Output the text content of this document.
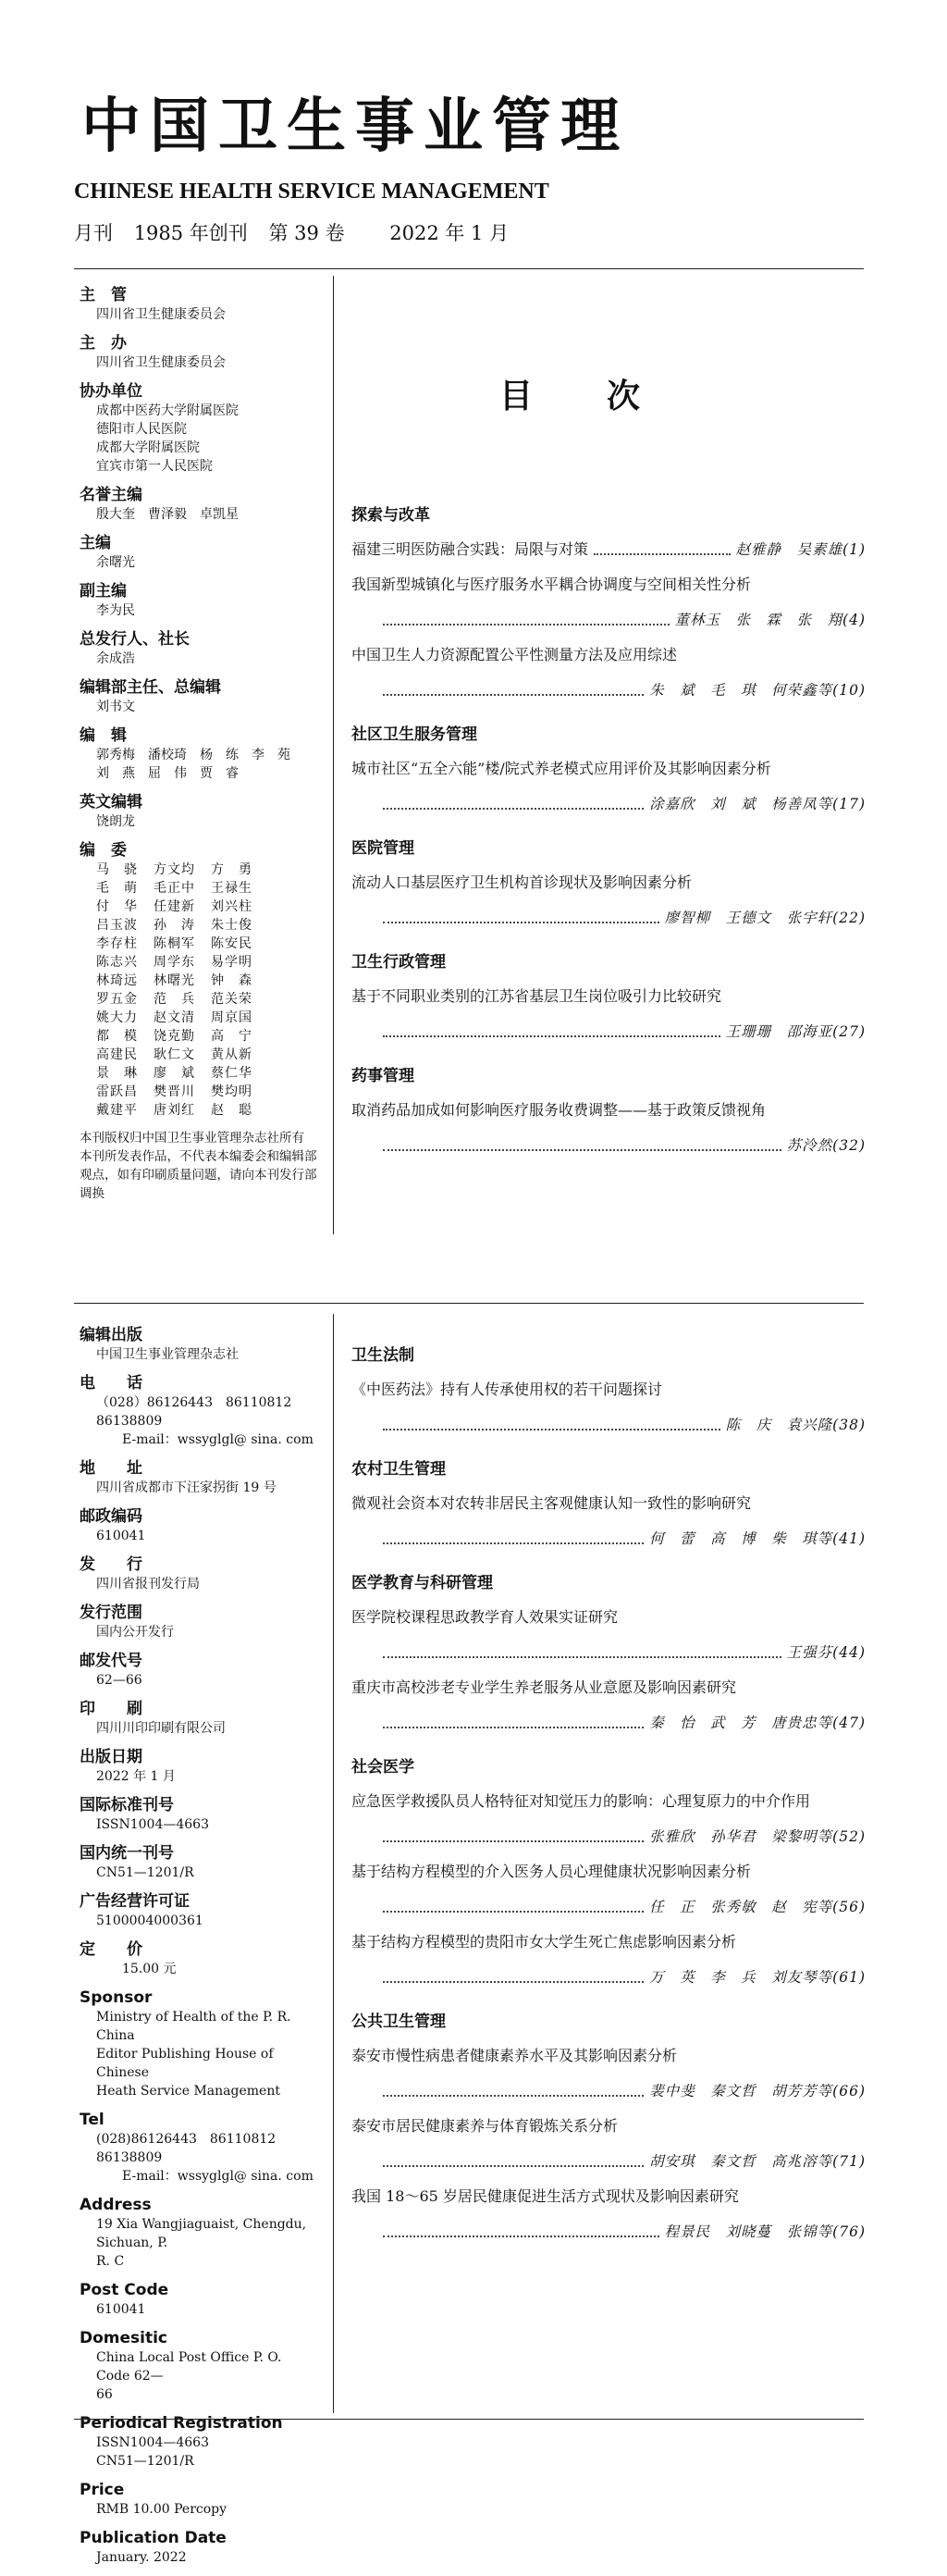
中国卫生事业管理
CHINESE HEALTH SERVICE MANAGEMENT
月刊 1985 年创刊 第 39 卷 2022 年 1 月
主　管
四川省卫生健康委员会
主　办
四川省卫生健康委员会
协办单位
成都中医药大学附属医院
德阳市人民医院
成都大学附属医院
宜宾市第一人民医院
名誉主编
殷大奎　曹泽毅　卓凯星
主编
余曙光
副主编
李为民
总发行人、社长
余成浩
编辑部主任、总编辑
刘书文
编　辑
郭秀梅　潘校琦　杨　练　李　苑
刘　燕　屈　伟　贾　睿
英文编辑
饶朗龙
编　委
马　骁	方文均	方　勇
毛　萌	毛正中	王禄生
付　华	任建新	刘兴柱
吕玉波	孙　涛	朱士俊
李存柱	陈桐军	陈安民
陈志兴	周学东	易学明
林琦远	林曙光	钟　森
罗五金	范　兵	范关荣
姚大力	赵文清	周京国
都　模	饶克勤	高　宁
高建民	耿仁文	黄从新
景　琳	廖　斌	蔡仁华
雷跃昌	樊晋川	樊均明
戴建平	唐刘红	赵　聪
本刊版权归中国卫生事业管理杂志社所有　本刊所发表作品，不代表本编委会和编辑部观点，如有印刷质量问题，请向本刊发行部调换
目次
探索与改革
福建三明医防融合实践：局限与对策	赵雅静　吴素雄(1)
我国新型城镇化与医疗服务水平耦合协调度与空间相关性分析
董林玉　张　霖　张　翔(4)
中国卫生人力资源配置公平性测量方法及应用综述
朱　斌　毛　琪　何荣鑫等(10)
社区卫生服务管理
城市社区“五全六能”楼/院式养老模式应用评价及其影响因素分析
涂嘉欣　刘　斌　杨善凤等(17)
医院管理
流动人口基层医疗卫生机构首诊现状及影响因素分析
廖智柳　王德文　张宇轩(22)
卫生行政管理
基于不同职业类别的江苏省基层卫生岗位吸引力比较研究
王珊珊　邵海亚(27)
药事管理
取消药品加成如何影响医疗服务收费调整——基于政策反馈视角
苏泠然(32)
编辑出版
中国卫生事业管理杂志社
电　　话
（028）86126443　86110812　86138809
　　E-mail：wssyglgl@ sina. com
地　　址
四川省成都市下汪家拐街 19 号
邮政编码
610041
发　　行
四川省报刊发行局
发行范围
国内公开发行
邮发代号
62—66
印　　刷
四川川印印刷有限公司
出版日期
2022 年 1 月
国际标准刊号
ISSN1004—4663
国内统一刊号
CN51—1201/R
广告经营许可证
5100004000361
定　　价
　　15.00 元
Sponsor
Ministry of Health of the P. R. China
Editor Publishing House of Chinese
Heath Service Management
Tel
(028)86126443　86110812　86138809
　　E-mail：wssyglgl@ sina. com
Address
19 Xia Wangjiaguaist, Chengdu, Sichuan, P.
R. C
Post Code
610041
Domesitic
China Local Post Office P. O. Code 62—
66
Periodical Registration
ISSN1004—4663
CN51—1201/R
Price
RMB 10.00 Percopy
Publication Date
January. 2022
卫生法制
《中医药法》持有人传承使用权的若干问题探讨
陈　庆　袁兴隆(38)
农村卫生管理
微观社会资本对农转非居民主客观健康认知一致性的影响研究
何　蕾　高　博　柴　琪等(41)
医学教育与科研管理
医学院校课程思政教学育人效果实证研究
王强芬(44)
重庆市高校涉老专业学生养老服务从业意愿及影响因素研究
秦　怡　武　芳　唐贵忠等(47)
社会医学
应急医学救援队员人格特征对知觉压力的影响：心理复原力的中介作用
张雅欣　孙华君　梁黎明等(52)
基于结构方程模型的介入医务人员心理健康状况影响因素分析
任　正　张秀敏　赵　宪等(56)
基于结构方程模型的贵阳市女大学生死亡焦虑影响因素分析
万　英　李　兵　刘友琴等(61)
公共卫生管理
泰安市慢性病患者健康素养水平及其影响因素分析
裴中斐　秦文哲　胡芳芳等(66)
泰安市居民健康素养与体育锻炼关系分析
胡安琪　秦文哲　高兆溶等(71)
我国 18～65 岁居民健康促进生活方式现状及影响因素研究
程景民　刘晓蔓　张锦等(76)
